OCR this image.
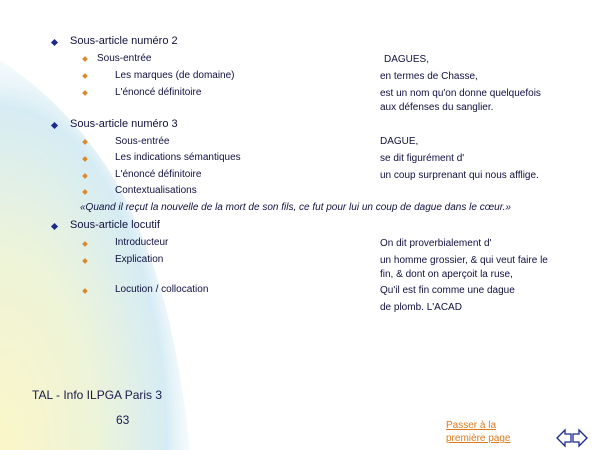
Sous-article numéro 2
Sous-entrée	DAGUES,
Les marques (de domaine)	en termes de Chasse,
L'énoncé définitoire	est un nom qu'on donne quelquefois
aux défenses du sanglier.
Sous-article numéro 3
Sous-entrée	DAGUE,
Les indications sémantiques	se dit figurément d'
L'énoncé définitoire	un coup surprenant qui nous afflige.
Contextualisations
«Quand il reçut la nouvelle de la mort de son fils, ce fut pour lui un coup de dague dans le cœur.»
Sous-article locutif
Introducteur	On dit proverbialement d'
Explication	un homme grossier, & qui veut faire le
fin, & dont on aperçoit la ruse,
Locution / collocation	Qu'il est fin comme une dague
de plomb. L'ACAD
TAL - Info ILPGA Paris 3
63	Passer à la
première page
